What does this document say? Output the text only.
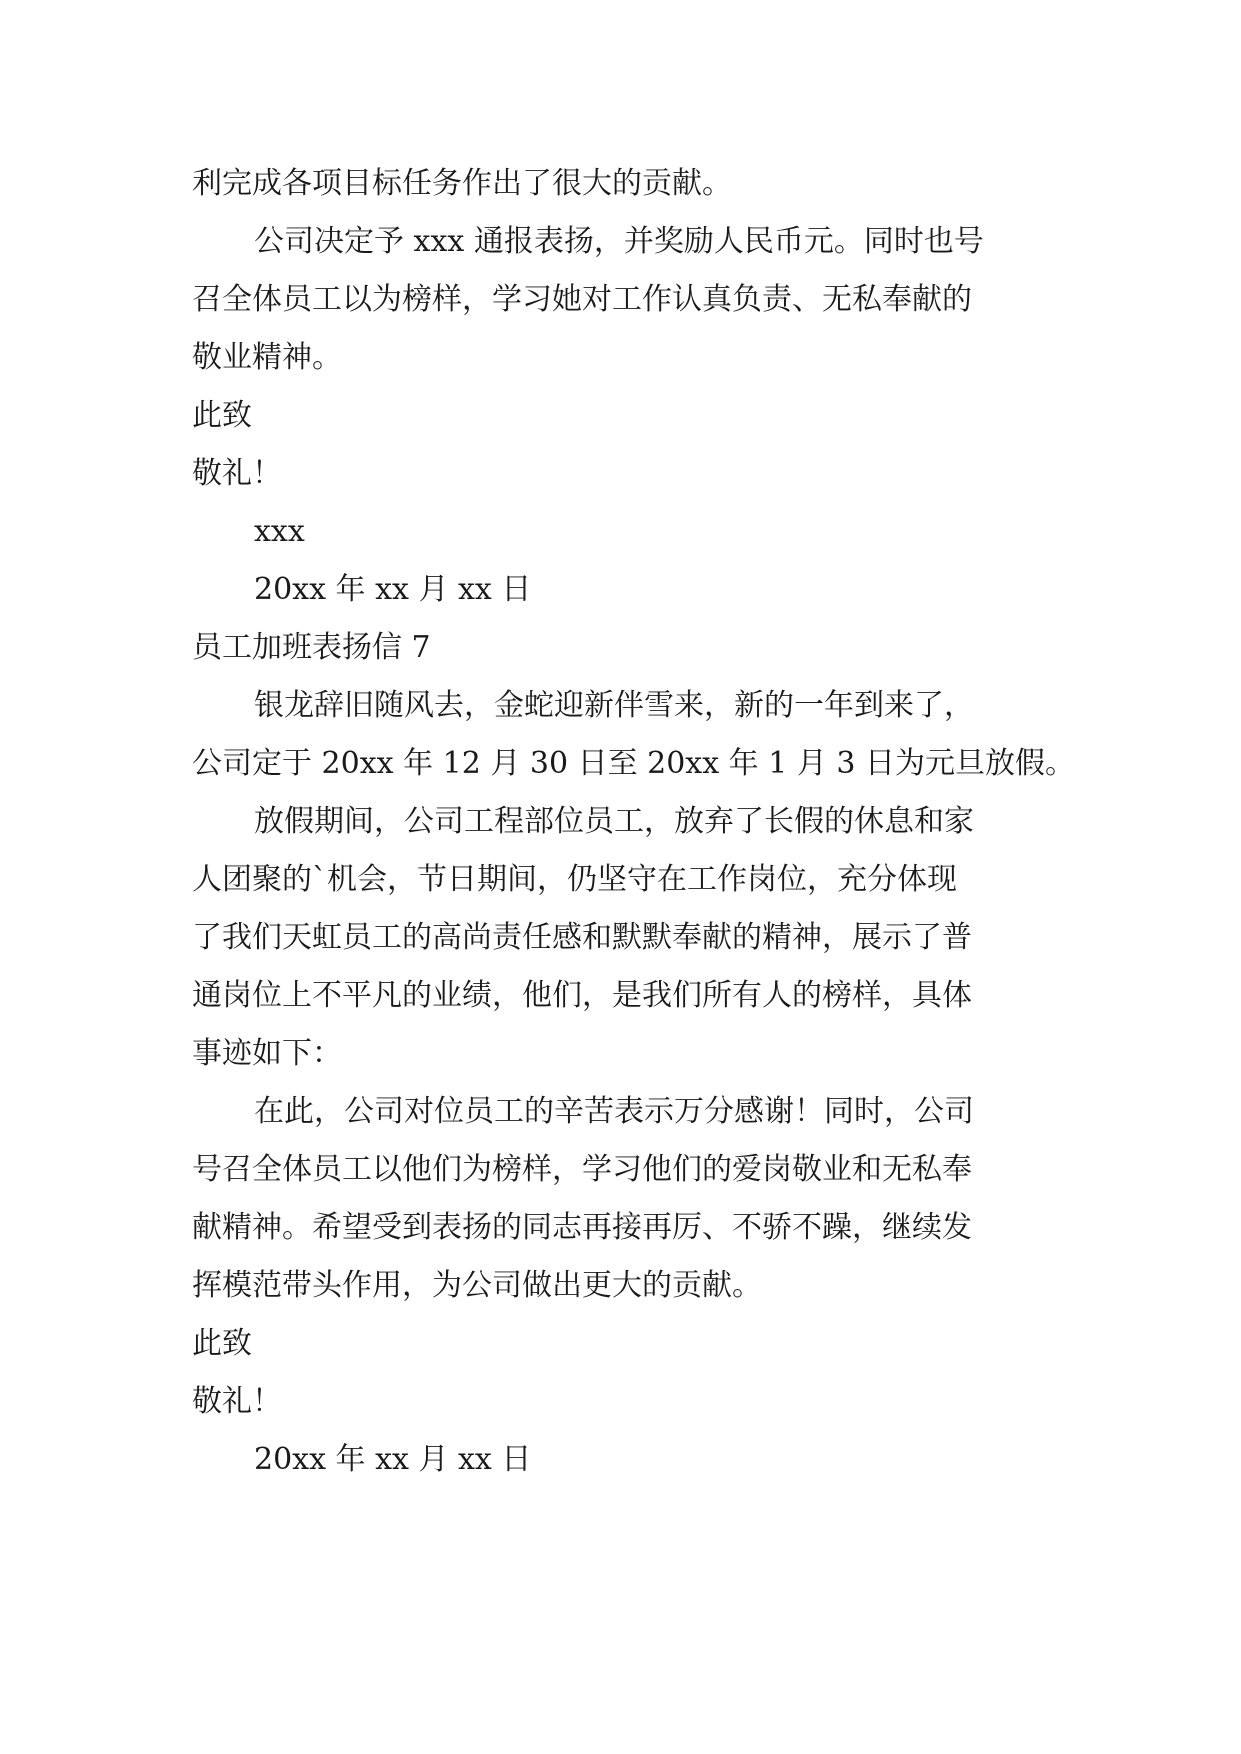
利完成各项目标任务作出了很大的贡献。

公司决定予 xxx 通报表扬，并奖励人民币元。同时也号

召全体员工以为榜样，学习她对工作认真负责、无私奉献的

敬业精神。

此致

敬礼！

xxx

20xx 年 xx 月 xx 日

员工加班表扬信 7

银龙辞旧随风去，金蛇迎新伴雪来，新的一年到来了，

公司定于 20xx 年 12 月 30 日至 20xx 年 1 月 3 日为元旦放假。

放假期间，公司工程部位员工，放弃了长假的休息和家

人团聚的`机会，节日期间，仍坚守在工作岗位，充分体现

了我们天虹员工的高尚责任感和默默奉献的精神，展示了普

通岗位上不平凡的业绩，他们，是我们所有人的榜样，具体

事迹如下：

在此，公司对位员工的辛苦表示万分感谢！同时，公司

号召全体员工以他们为榜样，学习他们的爱岗敬业和无私奉

献精神。希望受到表扬的同志再接再厉、不骄不躁，继续发

挥模范带头作用，为公司做出更大的贡献。

此致

敬礼！

20xx 年 xx 月 xx 日
